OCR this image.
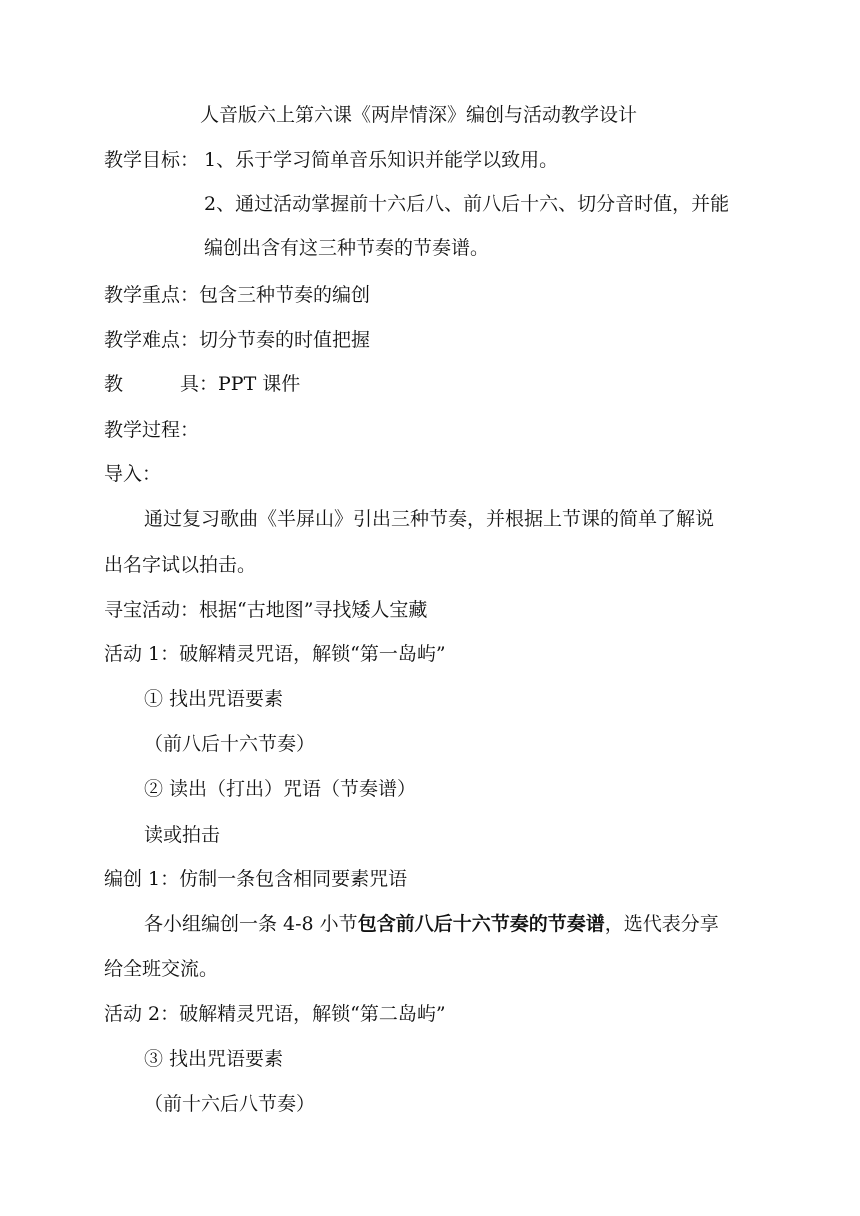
人音版六上第六课《两岸情深》编创与活动教学设计
教学目标： 1、乐于学习简单音乐知识并能学以致用。
2、通过活动掌握前十六后八、前八后十六、切分音时值，并能
编创出含有这三种节奏的节奏谱。
教学重点：包含三种节奏的编创
教学难点：切分节奏的时值把握
教	具：PPT 课件
教学过程：
导入：
通过复习歌曲《半屏山》引出三种节奏，并根据上节课的简单了解说
出名字试以拍击。
寻宝活动：根据“古地图”寻找矮人宝藏
活动 1：破解精灵咒语，解锁“第一岛屿”
① 找出咒语要素
（前八后十六节奏）
② 读出（打出）咒语（节奏谱）
读或拍击
编创 1：仿制一条包含相同要素咒语
各小组编创一条 4-8 小节包含前八后十六节奏的节奏谱，选代表分享
给全班交流。
活动 2：破解精灵咒语，解锁“第二岛屿”
③ 找出咒语要素
（前十六后八节奏）
